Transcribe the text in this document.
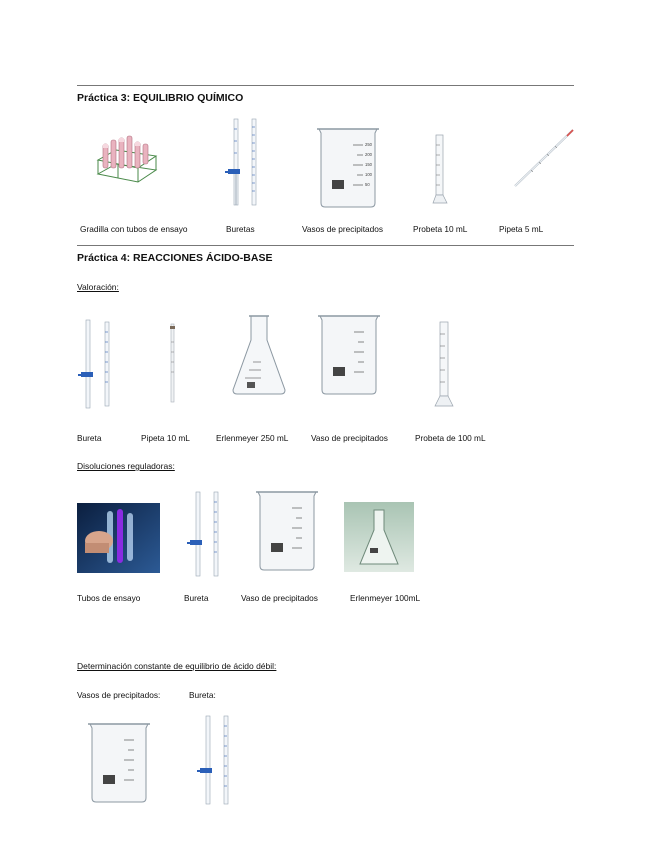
Práctica 3: EQUILIBRIO QUÍMICO
250
200
150
100
50
Gradilla con tubos de ensayo	Buretas	Vasos de precipitados	Probeta 10 mL	Pipeta 5 mL
Práctica 4: REACCIONES ÁCIDO-BASE
Valoración:
Bureta	Pipeta 10 mL	Erlenmeyer 250 mL	Vaso de precipitados	Probeta de 100 mL
Disoluciones reguladoras:
Tubos de ensayo	Bureta	Vaso de precipitados	Erlenmeyer 100mL
Determinación constante de equilibrio de ácido débil:
Vasos de precipitados:	Bureta:
